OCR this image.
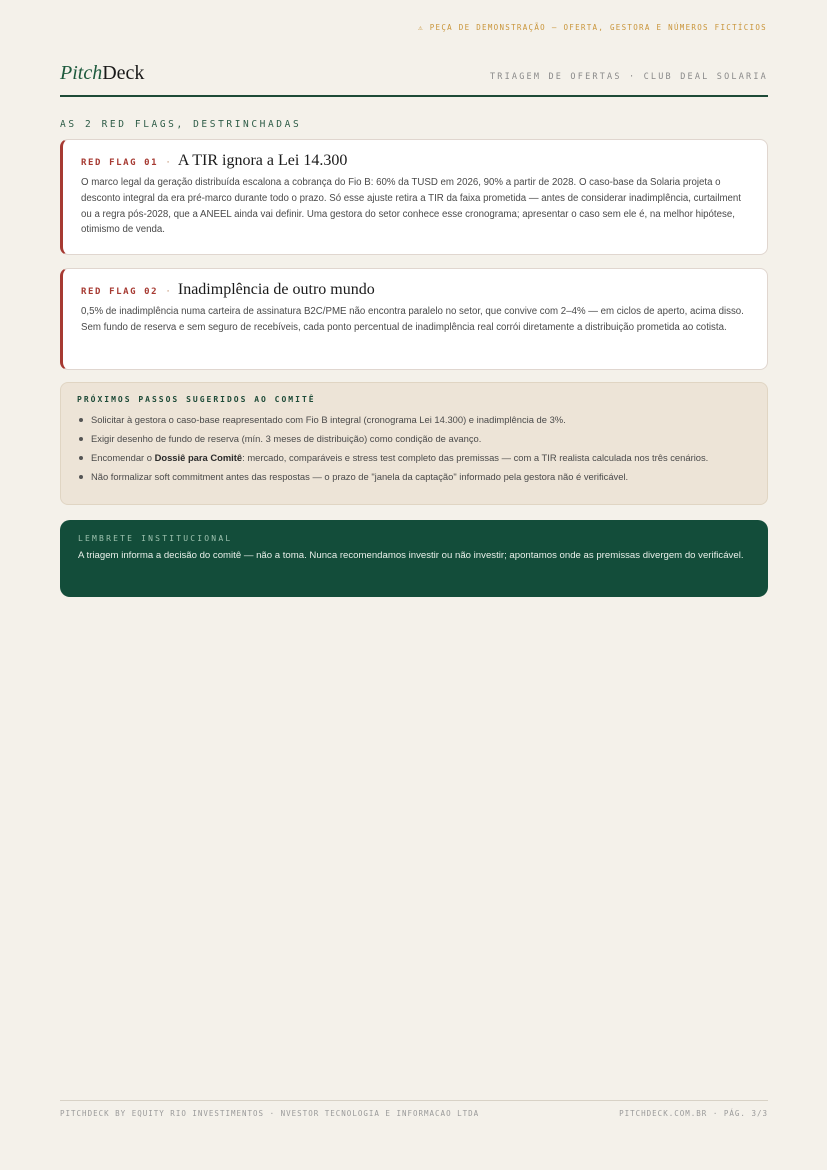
⚠ PEÇA DE DEMONSTRAÇÃO — OFERTA, GESTORA E NÚMEROS FICTÍCIOS
PitchDeck	TRIAGEM DE OFERTAS · CLUB DEAL SOLARIA
AS 2 RED FLAGS, DESTRINCHADAS
RED FLAG 01 · A TIR ignora a Lei 14.300
O marco legal da geração distribuída escalona a cobrança do Fio B: 60% da TUSD em 2026, 90% a partir de 2028. O caso-base da Solaria projeta o desconto integral da era pré-marco durante todo o prazo. Só esse ajuste retira a TIR da faixa prometida — antes de considerar inadimplência, curtailment ou a regra pós-2028, que a ANEEL ainda vai definir. Uma gestora do setor conhece esse cronograma; apresentar o caso sem ele é, na melhor hipótese, otimismo de venda.
RED FLAG 02 · Inadimplência de outro mundo
0,5% de inadimplência numa carteira de assinatura B2C/PME não encontra paralelo no setor, que convive com 2–4% — em ciclos de aperto, acima disso. Sem fundo de reserva e sem seguro de recebíveis, cada ponto percentual de inadimplência real corrói diretamente a distribuição prometida ao cotista.
PRÓXIMOS PASSOS SUGERIDOS AO COMITÊ
Solicitar à gestora o caso-base reapresentado com Fio B integral (cronograma Lei 14.300) e inadimplência de 3%.
Exigir desenho de fundo de reserva (mín. 3 meses de distribuição) como condição de avanço.
Encomendar o Dossiê para Comitê: mercado, comparáveis e stress test completo das premissas — com a TIR realista calculada nos três cenários.
Não formalizar soft commitment antes das respostas — o prazo de "janela da captação" informado pela gestora não é verificável.
LEMBRETE INSTITUCIONAL
A triagem informa a decisão do comitê — não a toma. Nunca recomendamos investir ou não investir; apontamos onde as premissas divergem do verificável.
PITCHDECK BY EQUITY RIO INVESTIMENTOS · NVESTOR TECNOLOGIA E INFORMACAO LTDA	PITCHDECK.COM.BR · PÁG. 3/3
